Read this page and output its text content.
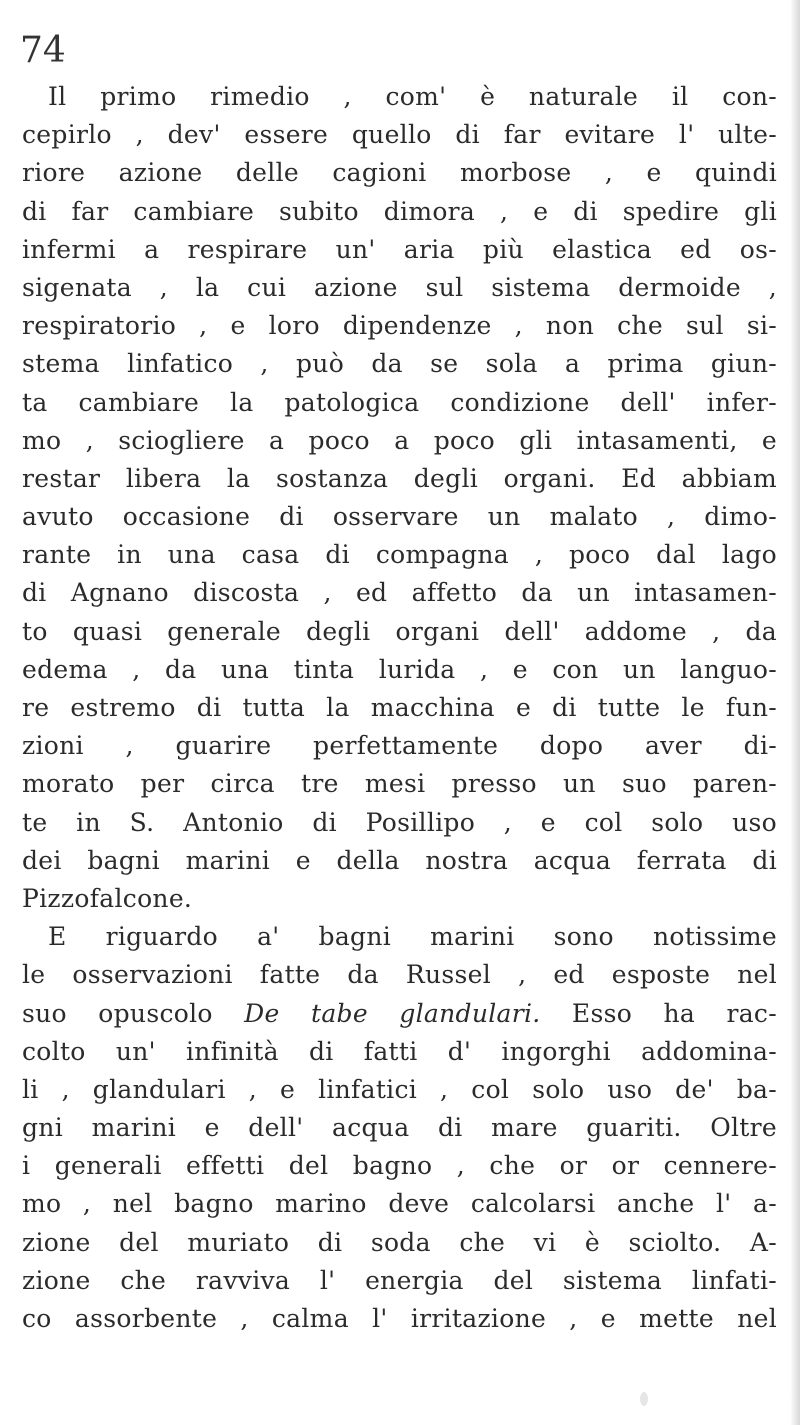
74
Il primo rimedio , com' è naturale il con-
cepirlo , dev' essere quello di far evitare l' ulte-
riore azione delle cagioni morbose , e quindi
di far cambiare subito dimora , e di spedire gli
infermi a respirare un' aria più elastica ed os-
sigenata , la cui azione sul sistema dermoide ,
respiratorio , e loro dipendenze , non che sul si-
stema linfatico , può da se sola a prima giun-
ta cambiare la patologica condizione dell' infer-
mo , sciogliere a poco a poco gli intasamenti, e
restar libera la sostanza degli organi. Ed abbiam
avuto occasione di osservare un malato , dimo-
rante in una casa di compagna , poco dal lago
di Agnano discosta , ed affetto da un intasamen-
to quasi generale degli organi dell' addome , da
edema , da una tinta lurida , e con un languo-
re estremo di tutta la macchina e di tutte le fun-
zioni , guarire perfettamente dopo aver di-
morato per circa tre mesi presso un suo paren-
te in S. Antonio di Posillipo , e col solo uso
dei bagni marini e della nostra acqua ferrata di
Pizzofalcone.
E riguardo a' bagni marini sono notissime
le osservazioni fatte da Russel , ed esposte nel
suo opuscolo De tabe glandulari. Esso ha rac-
colto un' infinità di fatti d' ingorghi addomina-
li , glandulari , e linfatici , col solo uso de' ba-
gni marini e dell' acqua di mare guariti. Oltre
i generali effetti del bagno , che or or cennere-
mo , nel bagno marino deve calcolarsi anche l' a-
zione del muriato di soda che vi è sciolto. A-
zione che ravviva l' energia del sistema linfati-
co assorbente , calma l' irritazione , e mette nel
